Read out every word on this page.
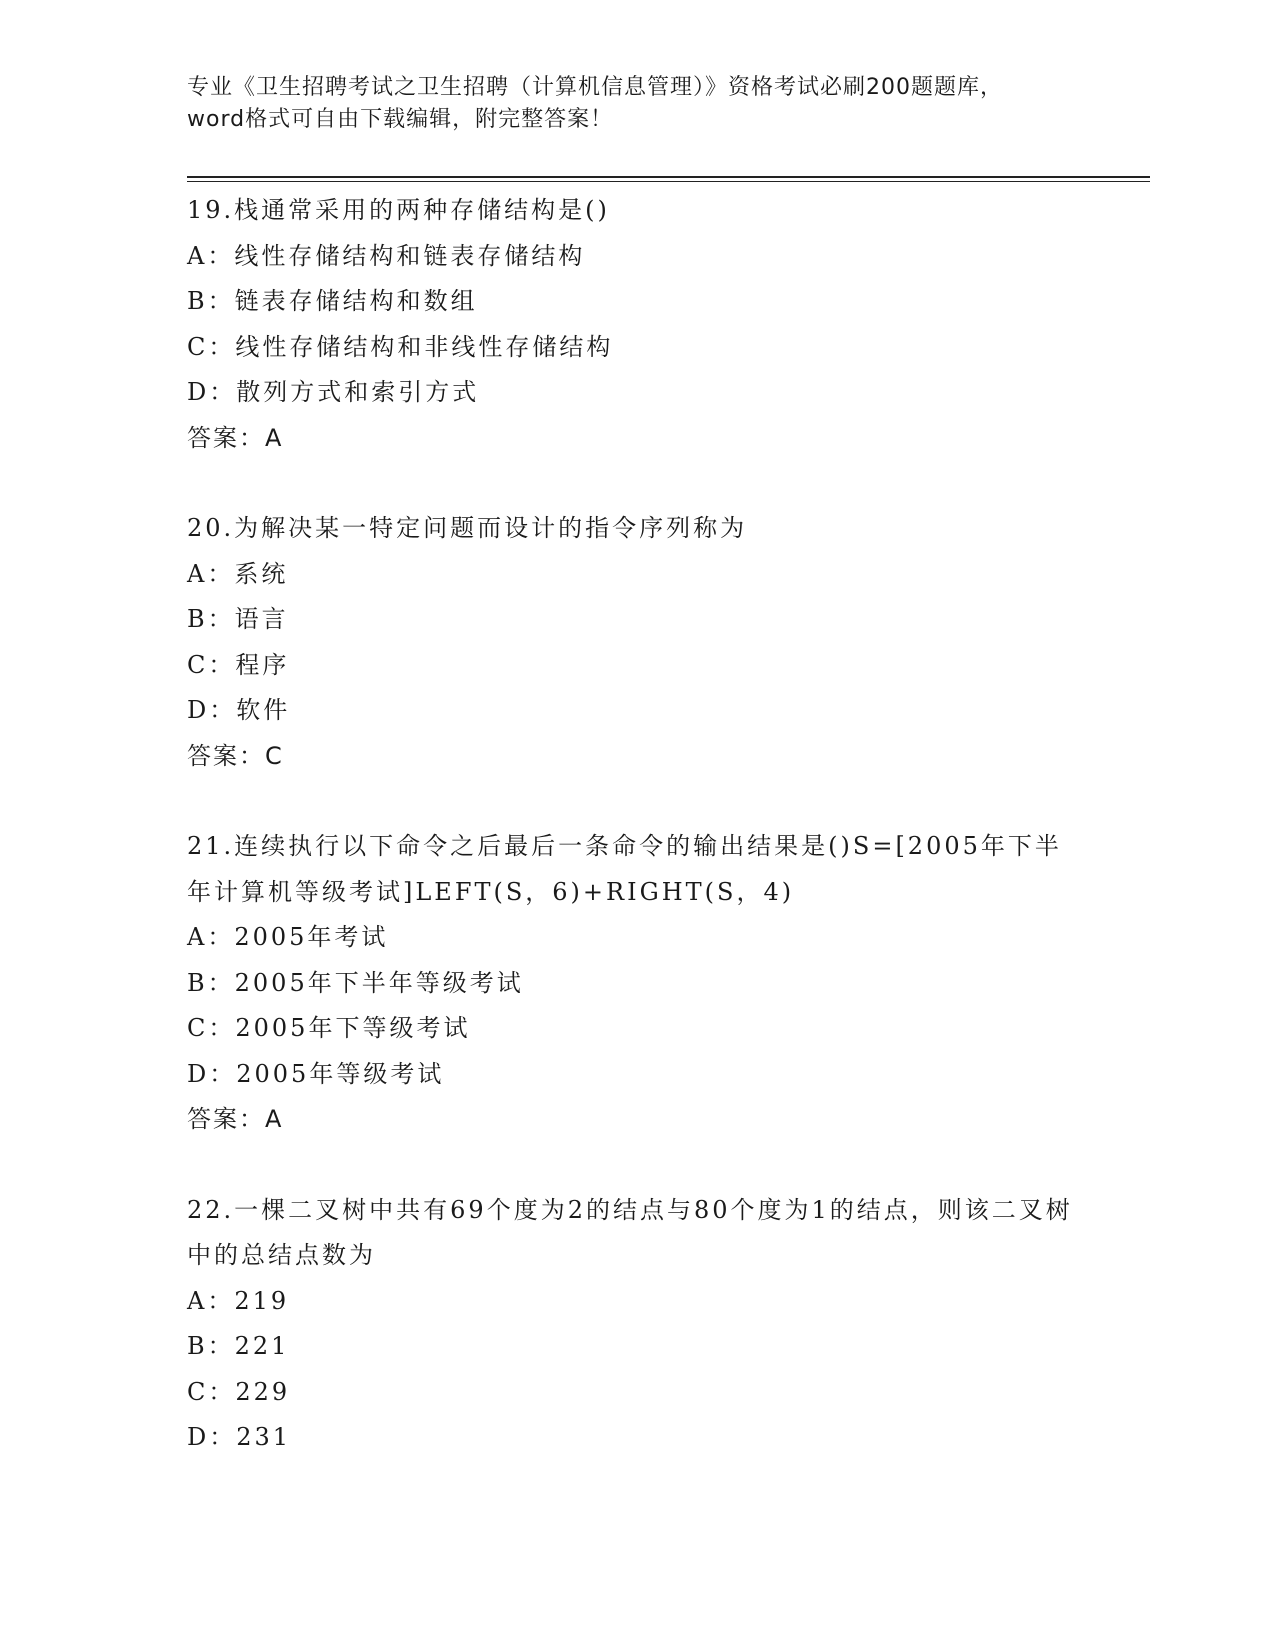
专业《卫生招聘考试之卫生招聘（计算机信息管理）》资格考试必刷200题题库，
word格式可自由下载编辑，附完整答案！
19.栈通常采用的两种存储结构是()
A：线性存储结构和链表存储结构
B：链表存储结构和数组
C：线性存储结构和非线性存储结构
D：散列方式和索引方式
答案：A
20.为解决某一特定问题而设计的指令序列称为
A：系统
B：语言
C：程序
D：软件
答案：C
21.连续执行以下命令之后最后一条命令的输出结果是()S=[2005年下半年计算机等级考试]LEFT(S，6)+RIGHT(S，4)
A：2005年考试
B：2005年下半年等级考试
C：2005年下等级考试
D：2005年等级考试
答案：A
22.一棵二叉树中共有69个度为2的结点与80个度为1的结点，则该二叉树中的总结点数为
A：219
B：221
C：229
D：231
